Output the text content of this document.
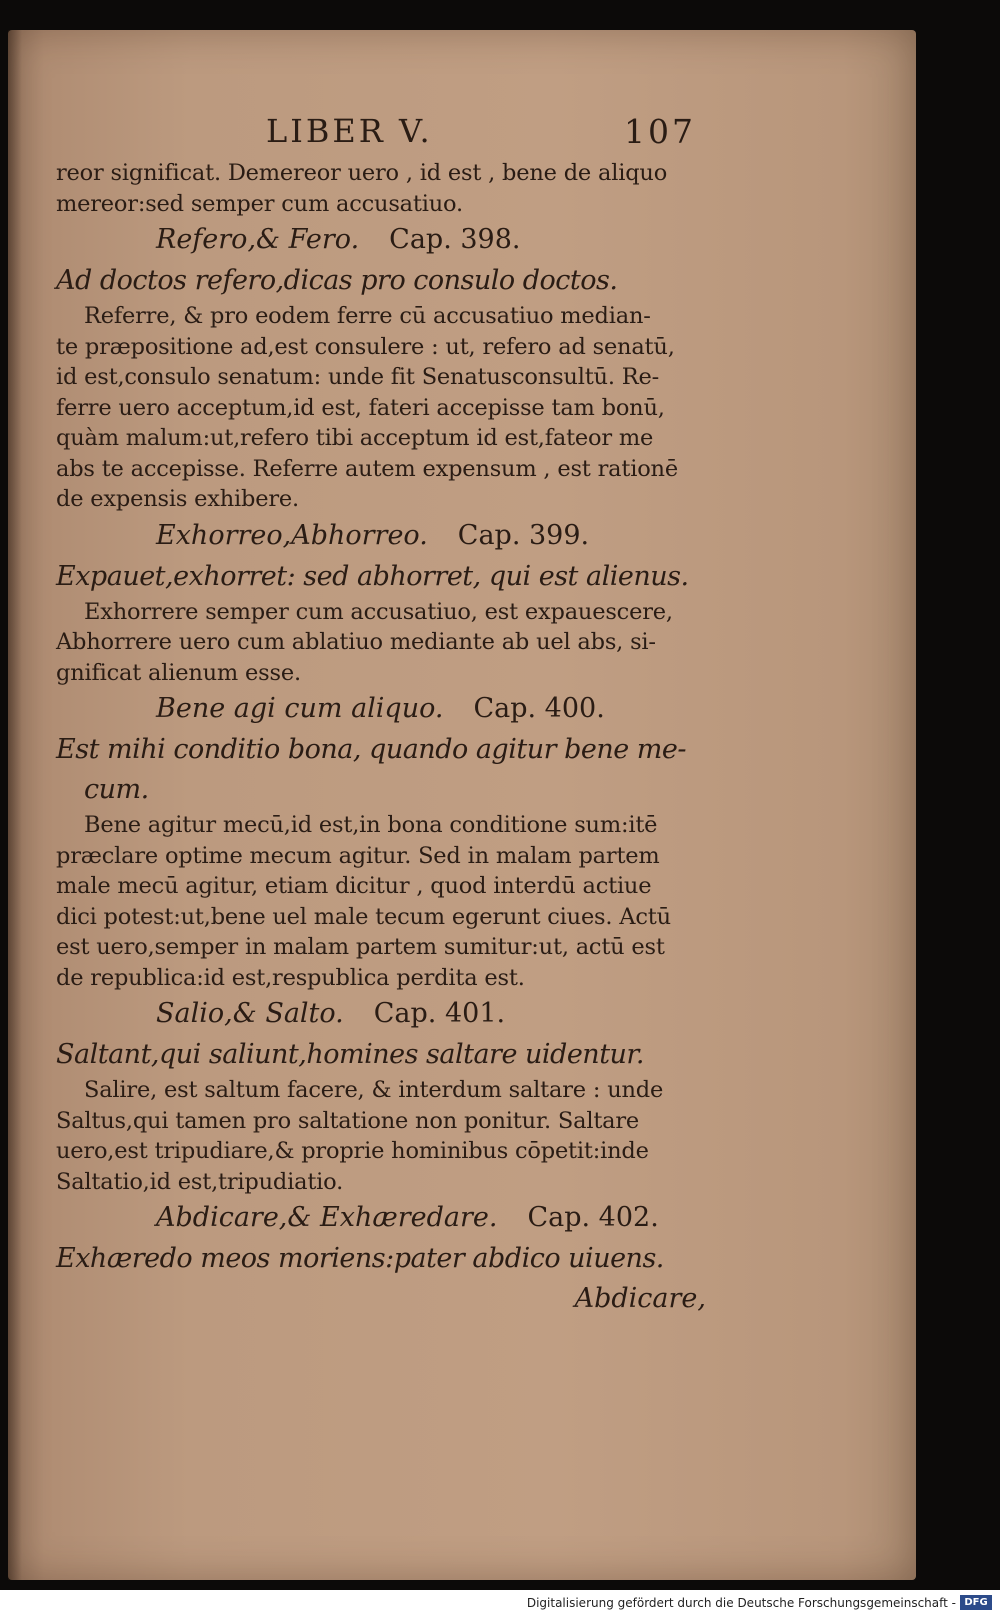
LIBER V.	107
reor significat. Demereor uero , id est , bene de aliquo
mereor:sed semper cum accusatiuo.
Refero,& Fero. Cap. 398.
Ad doctos refero,dicas pro consulo doctos.
Referre, & pro eodem ferre cū accusatiuo median-
te præpositione ad,est consulere : ut, refero ad senatū,
id est,consulo senatum: unde fit Senatusconsultū. Re-
ferre uero acceptum,id est, fateri accepisse tam bonū,
quàm malum:ut,refero tibi acceptum id est,fateor me
abs te accepisse. Referre autem expensum , est rationē
de expensis exhibere.
Exhorreo,Abhorreo. Cap. 399.
Expauet,exhorret: sed abhorret, qui est alienus.
Exhorrere semper cum accusatiuo, est expauescere,
Abhorrere uero cum ablatiuo mediante ab uel abs, si-
gnificat alienum esse.
Bene agi cum aliquo. Cap. 400.
Est mihi conditio bona, quando agitur bene me-
cum.
Bene agitur mecū,id est,in bona conditione sum:itē
præclare optime mecum agitur. Sed in malam partem
male mecū agitur, etiam dicitur , quod interdū actiue
dici potest:ut,bene uel male tecum egerunt ciues. Actū
est uero,semper in malam partem sumitur:ut, actū est
de republica:id est,respublica perdita est.
Salio,& Salto. Cap. 401.
Saltant,qui saliunt,homines saltare uidentur.
Salire, est saltum facere, & interdum saltare : unde
Saltus,qui tamen pro saltatione non ponitur. Saltare
uero,est tripudiare,& proprie hominibus cōpetit:inde
Saltatio,id est,tripudiatio.
Abdicare,& Exhæredare. Cap. 402.
Exhæredo meos moriens:pater abdico uiuens.
Abdicare,
Digitalisierung gefördert durch die Deutsche Forschungsgemeinschaft - DFG
